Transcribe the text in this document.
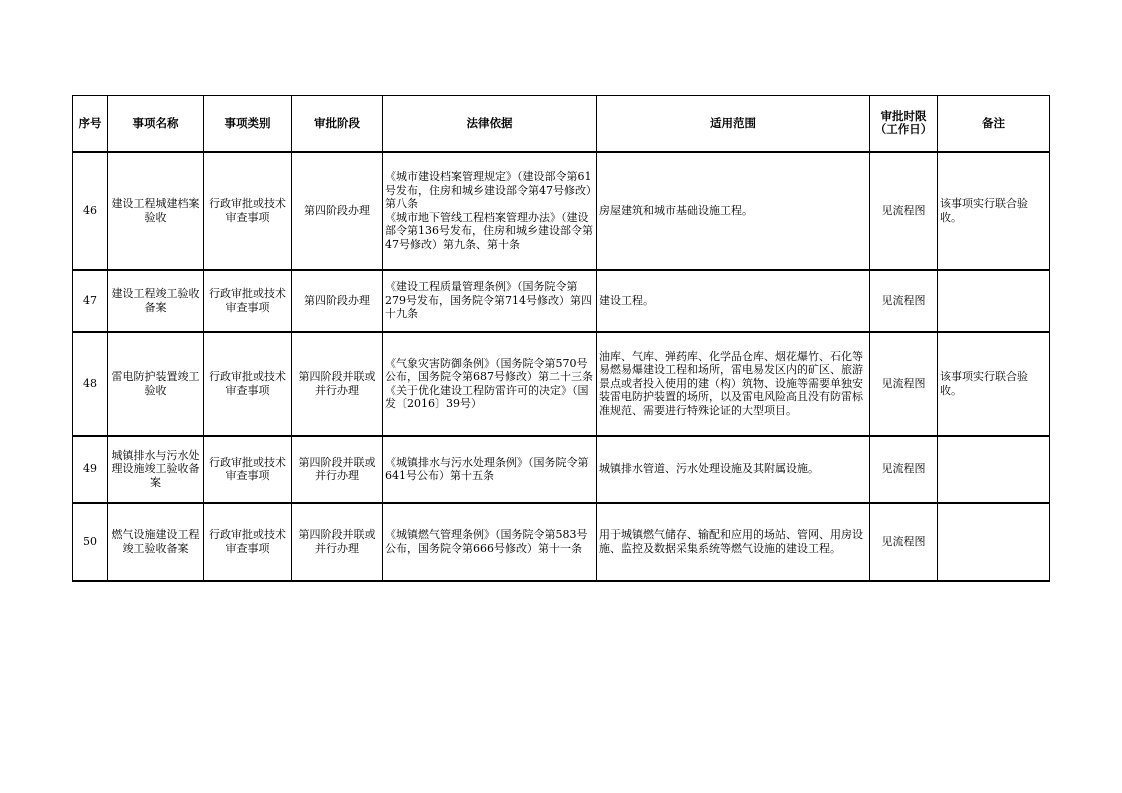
序号	事项名称	事项类别	审批阶段	法律依据	适用范围	审批时限
（工作日）	备注
46	建设工程城建档案验收	行政审批或技术审查事项	第四阶段办理	《城市建设档案管理规定》（建设部令第61号发布，住房和城乡建设部令第47号修改）第八条
《城市地下管线工程档案管理办法》（建设部令第136号发布，住房和城乡建设部令第47号修改）第九条、第十条	房屋建筑和城市基础设施工程。	见流程图	该事项实行联合验收。
47	建设工程竣工验收备案	行政审批或技术审查事项	第四阶段办理	《建设工程质量管理条例》（国务院令第279号发布，国务院令第714号修改）第四十九条	建设工程。	见流程图	
48	雷电防护装置竣工验收	行政审批或技术审查事项	第四阶段并联或并行办理	《气象灾害防御条例》（国务院令第570号公布，国务院令第687号修改）第二十三条
《关于优化建设工程防雷许可的决定》（国发〔2016〕39号）	油库、气库、弹药库、化学品仓库、烟花爆竹、石化等易燃易爆建设工程和场所，雷电易发区内的矿区、旅游景点或者投入使用的建（构）筑物、设施等需要单独安装雷电防护装置的场所，以及雷电风险高且没有防雷标准规范、需要进行特殊论证的大型项目。	见流程图	该事项实行联合验收。
49	城镇排水与污水处理设施竣工验收备案	行政审批或技术审查事项	第四阶段并联或并行办理	《城镇排水与污水处理条例》（国务院令第641号公布）第十五条	城镇排水管道、污水处理设施及其附属设施。	见流程图	
50	燃气设施建设工程竣工验收备案	行政审批或技术审查事项	第四阶段并联或并行办理	《城镇燃气管理条例》（国务院令第583号公布，国务院令第666号修改）第十一条	用于城镇燃气储存、输配和应用的场站、管网、用房设施、监控及数据采集系统等燃气设施的建设工程。	见流程图	
